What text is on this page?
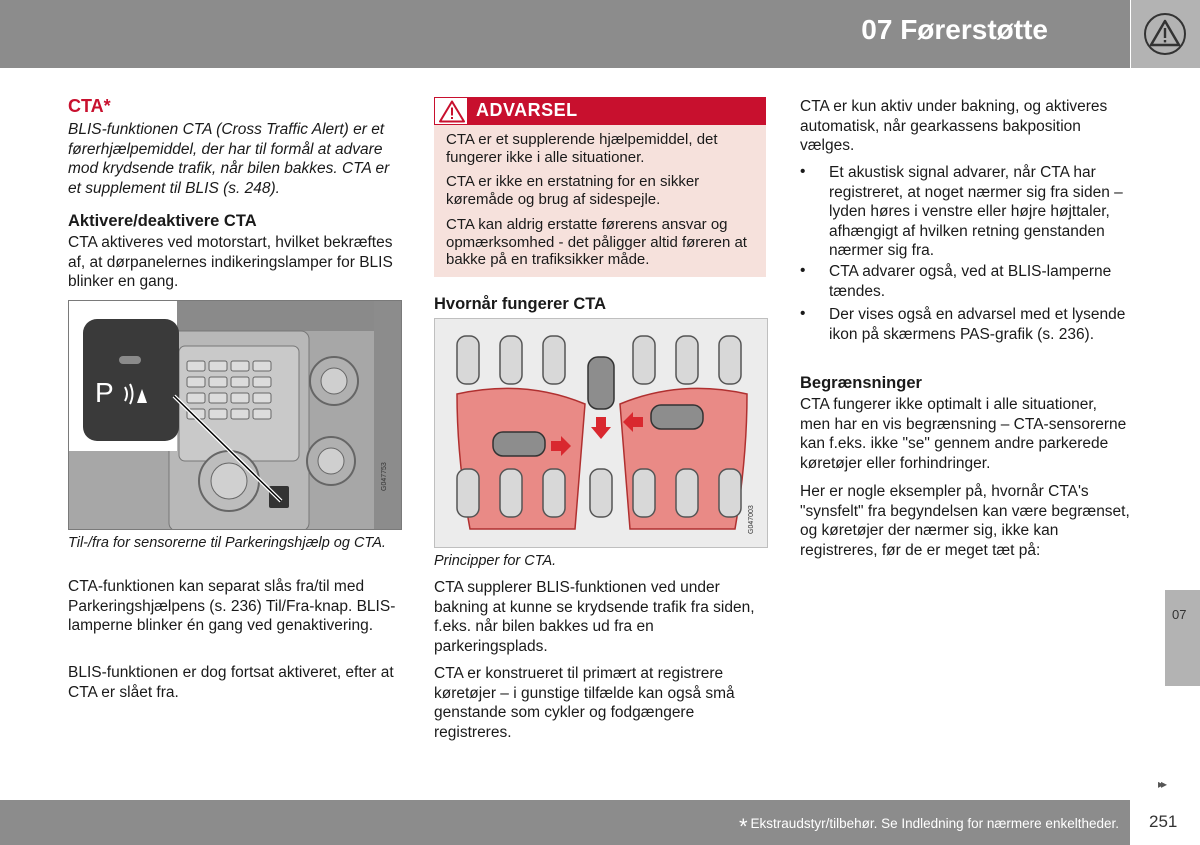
07 Førerstøtte
CTA*

BLIS-funktionen CTA (Cross Traffic Alert) er et førerhjælpemiddel, der har til formål at advare mod krydsende trafik, når bilen bakkes. CTA er et supplement til BLIS (s. 248).

Aktivere/deaktivere CTA

CTA aktiveres ved motorstart, hvilket bekræftes af, at dørpanelernes indikeringslamper for BLIS blinker en gang.

P
G047753

Til-/fra for sensorerne til Parkeringshjælp og CTA.

CTA-funktionen kan separat slås fra/til med Parkeringshjælpens (s. 236) Til/Fra-knap. BLIS-lamperne blinker én gang ved genaktivering.

BLIS-funktionen er dog fortsat aktiveret, efter at CTA er slået fra.

ADVARSEL

CTA er et supplerende hjælpemiddel, det fungerer ikke i alle situationer.

CTA er ikke en erstatning for en sikker køremåde og brug af sidespejle.

CTA kan aldrig erstatte førerens ansvar og opmærksomhed - det påligger altid føreren at bakke på en trafiksikker måde.

Hvornår fungerer CTA
G047003

Principper for CTA.

CTA supplerer BLIS-funktionen ved under bakning at kunne se krydsende trafik fra siden, f.eks. når bilen bakkes ud fra en parkeringsplads.

CTA er konstrueret til primært at registrere køretøjer – i gunstige tilfælde kan også små genstande som cykler og fodgængere registreres.

CTA er kun aktiv under bakning, og aktiveres automatisk, når gearkassens bakposition vælges.

• Et akustisk signal advarer, når CTA har registreret, at noget nærmer sig fra siden – lyden høres i venstre eller højre højttaler, afhængigt af hvilken retning genstanden nærmer sig fra.

• CTA advarer også, ved at BLIS-lamperne tændes.

• Der vises også en advarsel med et lysende ikon på skærmens PAS-grafik (s. 236).

Begrænsninger

CTA fungerer ikke optimalt i alle situationer, men har en vis begrænsning – CTA-sensorerne kan f.eks. ikke "se" gennem andre parkerede køretøjer eller forhindringer.

Her er nogle eksempler på, hvornår CTA's "synsfelt" fra begyndelsen kan være begrænset, og køretøjer der nærmer sig, ikke kan registreres, før de er meget tæt på:

07
▸▸
* Ekstraudstyr/tilbehør. Se Indledning for nærmere enkeltheder. 251
